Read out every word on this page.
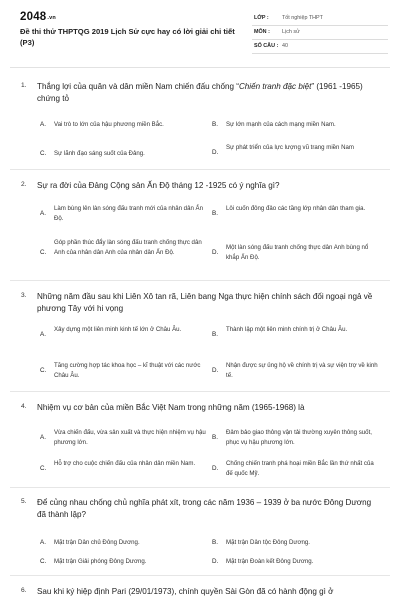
2048.vn
Đề thi thử THPTQG 2019 Lịch Sử cực hay có lời giải chi tiết (P3)
LỚP : Tốt nghiệp THPT
MÔN : Lịch sử
SỐ CÂU : 40
1. Thắng lợi của quân và dân miền Nam chiến đấu chống “Chiến tranh đặc biệt” (1961 -1965) chứng tỏ
A. Vai trò to lớn của hậu phương miền Bắc.	B. Sự lớn mạnh của cách mạng miền Nam.
C. Sự lãnh đạo sáng suốt của Đảng.	D.
Sự phát triển của lực lượng vũ trang miền Nam
2. Sự ra đời của Đảng Cộng sản Ấn Độ tháng 12 -1925 có ý nghĩa gì?
A.
Làm bùng lên làn sóng đấu tranh mới của nhân dân Ấn Độ.
B.
Lôi cuốn đông đảo các tầng lớp nhân dân tham gia.
C.
Góp phần thúc đẩy làn sóng đấu tranh chống thực dân Anh của nhân dân Anh của nhân dân Ấn Độ.	D.
Một làn sóng đấu tranh chống thực dân Anh bùng nổ khắp Ấn Độ.
3. Những năm đầu sau khi Liên Xô tan rã, Liên bang Nga thực hiện chính sách đối ngoại ngả về phương Tây với hi vọng
A.
Xây dựng một liên minh kinh tế lớn ở Châu Âu.
B.
Thành lập một liên minh chính trị ở Châu Âu.
C.
Tăng cường hợp tác khoa học – kĩ thuật với các nước Châu Âu.
D.
Nhận được sự ủng hộ về chính trị và sự viện trợ về kinh tế.
4. Nhiệm vụ cơ bản của miền Bắc Việt Nam trong những năm (1965-1968) là
A.
Vừa chiến đấu, vừa sản xuất và thực hiện nhiệm vụ hậu phương lớn.
B.
Đảm bảo giao thông vận tải thường xuyên thông suốt, phục vụ hậu phương lớn.
C.
Hỗ trợ cho cuộc chiến đấu của nhân dân miền Nam.
D.
Chống chiến tranh phá hoại miền Bắc lần thứ nhất của đế quốc Mỹ.
5. Để củng nhau chống chủ nghĩa phát xít, trong các năm 1936 – 1939 ở ba nước Đông Dương đã thành lập?
A. Mặt trận Dân chủ Đông Dương.	B. Mặt trận Dân tộc Đông Dương.
C. Mặt trận Giải phóng Đông Dương.	D. Mặt trận Đoàn kết Đông Dương.
6. Sau khi ký hiệp định Pari (29/01/1973), chính quyền Sài Gòn đã có hành động gì ở
